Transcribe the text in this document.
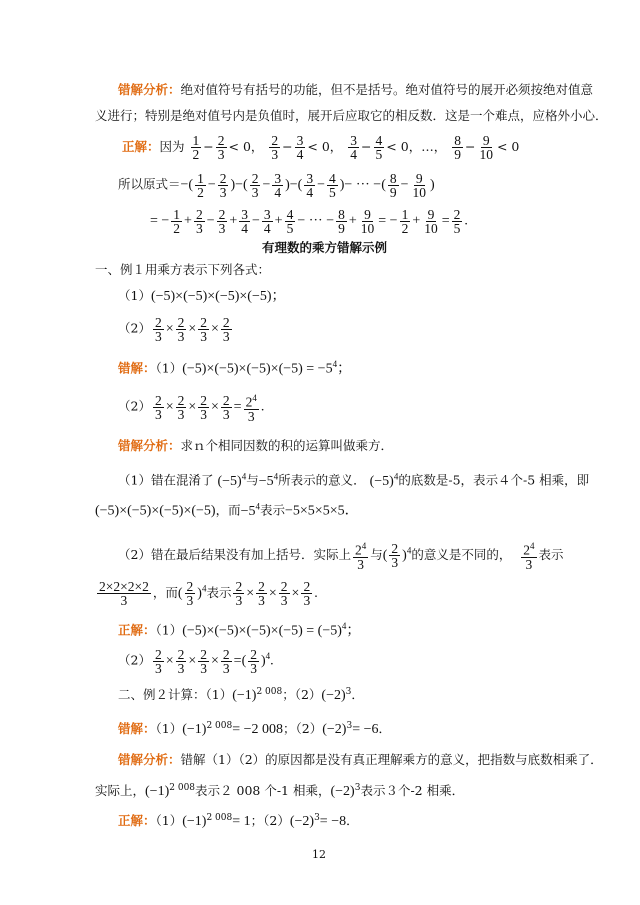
错解分析：绝对值符号有括号的功能，但不是括号。绝对值符号的展开必须按绝对值意
义进行；特别是绝对值号内是负值时，展开后应取它的相反数．这是一个难点，应格外小心．
正解：因为 $\frac{1}{2} - \frac{2}{3} < 0$， $\frac{2}{3} - \frac{3}{4} < 0$， $\frac{3}{4} - \frac{4}{5} < 0$，…， $\frac{8}{9} - \frac{9}{10} < 0$
所以原式＝−( $\frac{1}{2} - \frac{2}{3}$ )−( $\frac{2}{3} - \frac{3}{4}$ )−( $\frac{3}{4} - \frac{4}{5}$ )− ··· −( $\frac{8}{9} - \frac{9}{10}$ )
= − $\frac{1}{2} + \frac{2}{3} - \frac{2}{3} + \frac{3}{4} - \frac{3}{4} + \frac{4}{5}$ − ··· − $\frac{8}{9} + \frac{9}{10}$ = − $\frac{1}{2} + \frac{9}{10} = \frac{2}{5}$ .
有理数的乘方错解示例
一、例１用乘方表示下列各式：
（1）(−5)×(−5)×(−5)×(−5)；
$(2) \frac{2}{3} \times \frac{2}{3} \times \frac{2}{3} \times \frac{2}{3}$
错解：$(1)(-5)\times(-5)\times(-5)\times(-5) = -5^4$；
$(2) \frac{2}{3} \times \frac{2}{3} \times \frac{2}{3} \times \frac{2}{3} = \frac{2^4}{3}$ .
错解分析：求ｎ个相同因数的积的运算叫做乘方．
（1）错在混淆了 $(-5)^4$与$-5^4$所表示的意义． $(-5)^4$的底数是-5，表示４个-5 相乘，即
(−5)×(−5)×(−5)×(−5)，而$-5^4$表示−5×5×5×5．
（2）错在最后结果没有加上括号．实际上 $\frac{2^4}{3}$ 与( $\frac{2}{3} )^4$的意义是不同的， $\frac{2^4}{3}$ 表示
$\frac{2\times 2\times 2\times 2}{3}$ ，而( $\frac{2}{3} )^4$表示 $\frac{2}{3} \times \frac{2}{3} \times \frac{2}{3} \times \frac{2}{3}$ .
正解：$(1)(-5)\times(-5)\times(-5)\times(-5) = (-5)^4$；
$(2) \frac{2}{3} \times \frac{2}{3} \times \frac{2}{3} \times \frac{2}{3}$ =( $\frac{2}{3} )^4$.
二、例２计算：$(1)(-1)^{2 008}$；$(2)(-2)^3$．
错解：$(1)(-1)^{2 008}= -2$ 008；$(2)(-2)^3= -6$．
错解分析：错解（1）（2）的原因都是没有真正理解乘方的意义，把指数与底数相乘了．
实际上，$(-1)^{2 008}$表示２ 008 个-1 相乘，$(-2)^3$表示３个-2 相乘．
正解：$(1)(-1)^{2 008}= 1$；$(2)(-2)^3= -8$．
12
